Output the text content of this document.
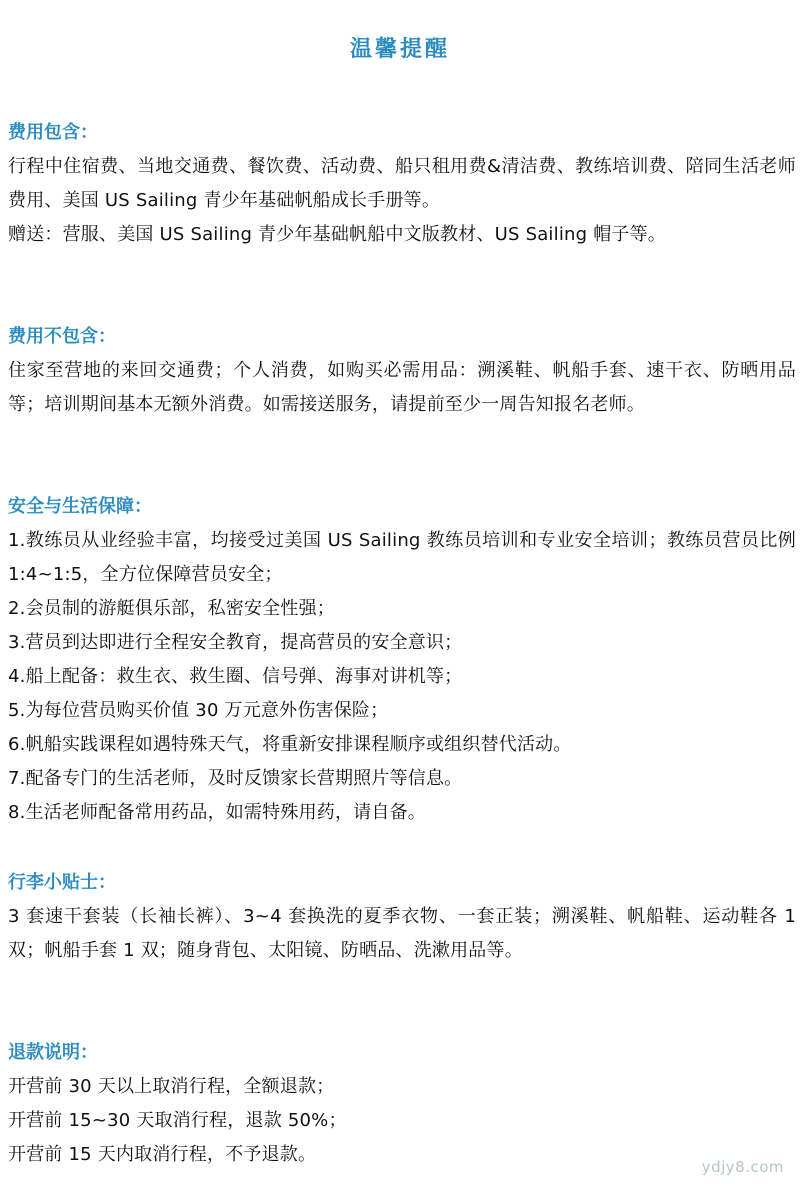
温馨提醒
费用包含：

行程中住宿费、当地交通费、餐饮费、活动费、船只租用费&清洁费、教练培训费、陪同生活老师费用、美国 US Sailing 青少年基础帆船成长手册等。

赠送：营服、美国 US Sailing 青少年基础帆船中文版教材、US Sailing 帽子等。

费用不包含：

住家至营地的来回交通费；个人消费，如购买必需用品：溯溪鞋、帆船手套、速干衣、防晒用品等；培训期间基本无额外消费。如需接送服务，请提前至少一周告知报名老师。

安全与生活保障：
1.教练员从业经验丰富，均接受过美国 US Sailing 教练员培训和专业安全培训；教练员营员比例 1:4~1:5，全方位保障营员安全；
2.会员制的游艇俱乐部，私密安全性强；
3.营员到达即进行全程安全教育，提高营员的安全意识；
4.船上配备：救生衣、救生圈、信号弹、海事对讲机等；
5.为每位营员购买价值 30 万元意外伤害保险；
6.帆船实践课程如遇特殊天气，将重新安排课程顺序或组织替代活动。
7.配备专门的生活老师，及时反馈家长营期照片等信息。
8.生活老师配备常用药品，如需特殊用药，请自备。
行李小贴士：

3 套速干套装（长袖长裤）、3~4 套换洗的夏季衣物、一套正装；溯溪鞋、帆船鞋、运动鞋各 1 双；帆船手套 1 双；随身背包、太阳镜、防晒品、洗漱用品等。

退款说明：
开营前 30 天以上取消行程，全额退款；
开营前 15~30 天取消行程，退款 50%；
开营前 15 天内取消行程，不予退款。
ydjy8.com
